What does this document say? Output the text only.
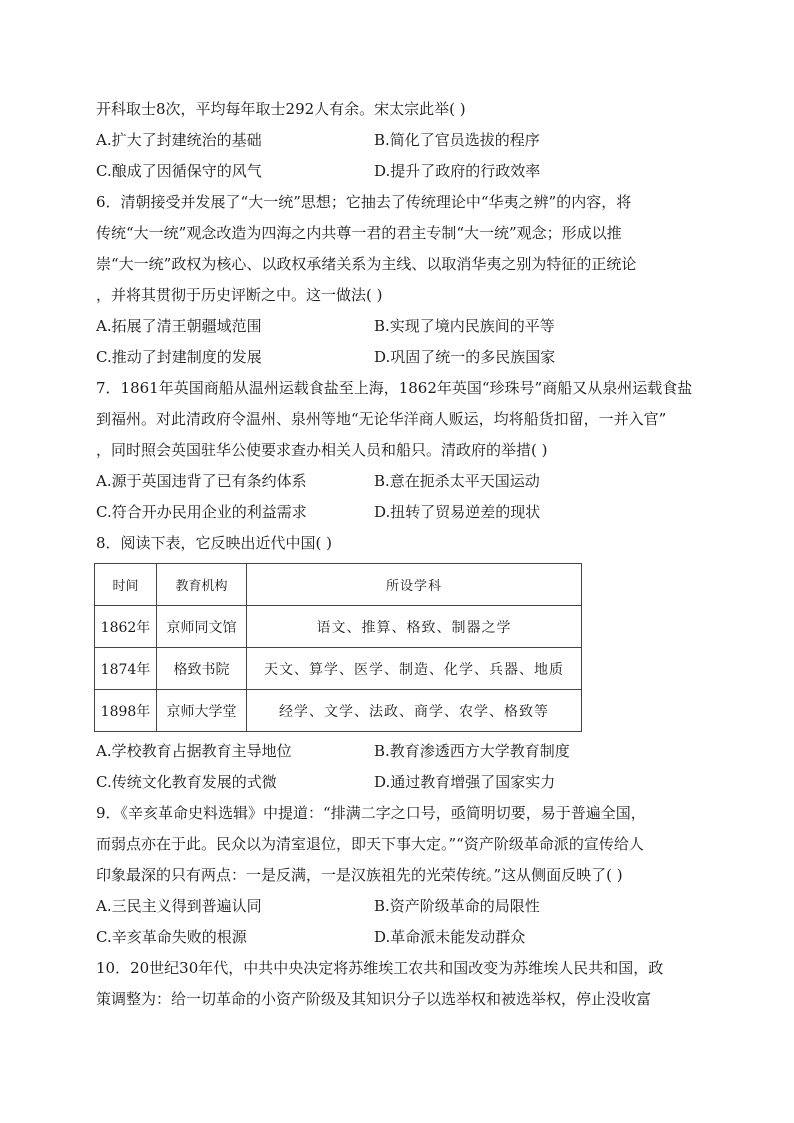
开科取士8次，平均每年取士292人有余。宋太宗此举( )
A.扩大了封建统治的基础	B.简化了官员选拔的程序
C.酿成了因循保守的风气	D.提升了政府的行政效率
6．清朝接受并发展了“大一统”思想；它抽去了传统理论中“华夷之辨”的内容，将
传统“大一统”观念改造为四海之内共尊一君的君主专制“大一统”观念；形成以推
崇“大一统”政权为核心、以政权承绪关系为主线、以取消华夷之别为特征的正统论
，并将其贯彻于历史评断之中。这一做法( )
A.拓展了清王朝疆域范围	B.实现了境内民族间的平等
C.推动了封建制度的发展	D.巩固了统一的多民族国家
7．1861年英国商船从温州运载食盐至上海，1862年英国“珍珠号”商船又从泉州运载食盐
到福州。对此清政府令温州、泉州等地“无论华洋商人贩运，均将船货扣留，一并入官”
，同时照会英国驻华公使要求查办相关人员和船只。清政府的举措( )
A.源于英国违背了已有条约体系	B.意在扼杀太平天国运动
C.符合开办民用企业的利益需求	D.扭转了贸易逆差的现状
8．阅读下表，它反映出近代中国( )
时间	教育机构	所设学科
1862年	京师同文馆	语文、推算、格致、制器之学
1874年	格致书院	天文、算学、医学、制造、化学、兵器、地质
1898年	京师大学堂	经学、文学、法政、商学、农学、格致等
A.学校教育占据教育主导地位	B.教育渗透西方大学教育制度
C.传统文化教育发展的式微	D.通过教育增强了国家实力
9．《辛亥革命史料选辑》中提道：“排满二字之口号，亟简明切要，易于普遍全国，
而弱点亦在于此。民众以为清室退位，即天下事大定。”“资产阶级革命派的宣传给人
印象最深的只有两点：一是反满，一是汉族祖先的光荣传统。”这从侧面反映了( )
A.三民主义得到普遍认同	B.资产阶级革命的局限性
C.辛亥革命失败的根源	D.革命派未能发动群众
10．20世纪30年代，中共中央决定将苏维埃工农共和国改变为苏维埃人民共和国，政
策调整为：给一切革命的小资产阶级及其知识分子以选举权和被选举权，停止没收富
